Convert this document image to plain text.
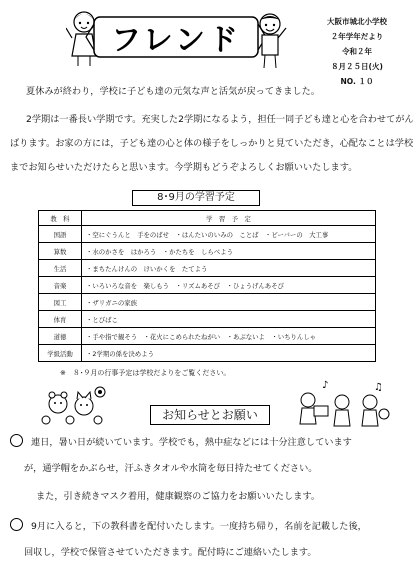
フレンド
大阪市城北小学校
２年学年だより
令和２年
８月２５日(火)
NO. １０
夏休みが終わり，学校に子ども達の元気な声と活気が戻ってきました。
2学期は一番長い学期です。充実した2学期になるよう，担任一同子ども達と心を合わせてがんばります。お家の方には，子ども達の心と体の様子をしっかりと見ていただき，心配なことは学校までお知らせいただけたらと思います。今学期もどうぞよろしくお願いいたします。
8･9月の学習予定
教　科	学　習　予　定
国語	・空にぐうんと　手をのばせ　・はんたいのいみの　ことば　・ビーバーの　大工事
算数	・水のかさを　はかろう　・かたちを　しらべよう
生活	・まちたんけんの　けいかくを　たてよう
音楽	・いろいろな音を　楽しもう　・リズムあそび　・ひょうげんあそび
図工	・ザリガニの家族
体育	・とびばこ
道徳	・手や指で観そう　・花火にこめられたねがい　・あぶないよ　・いちりんしゃ
学級活動	・2学期の係を決めよう
※　８･９月の行事予定は学校だよりをご覧ください。
♪	♫
お知らせとお願い
連日，暑い日が続いています。学校でも，熱中症などには十分注意しています
が，通学帽をかぶらせ，汗ふきタオルや水筒を毎日持たせてください。
また，引き続きマスク着用，健康観察のご協力をお願いいたします。
9月に入ると，下の教科書を配付いたします。一度持ち帰り，名前を記載した後，
回収し，学校で保管させていただきます。配付時にご連絡いたします。
